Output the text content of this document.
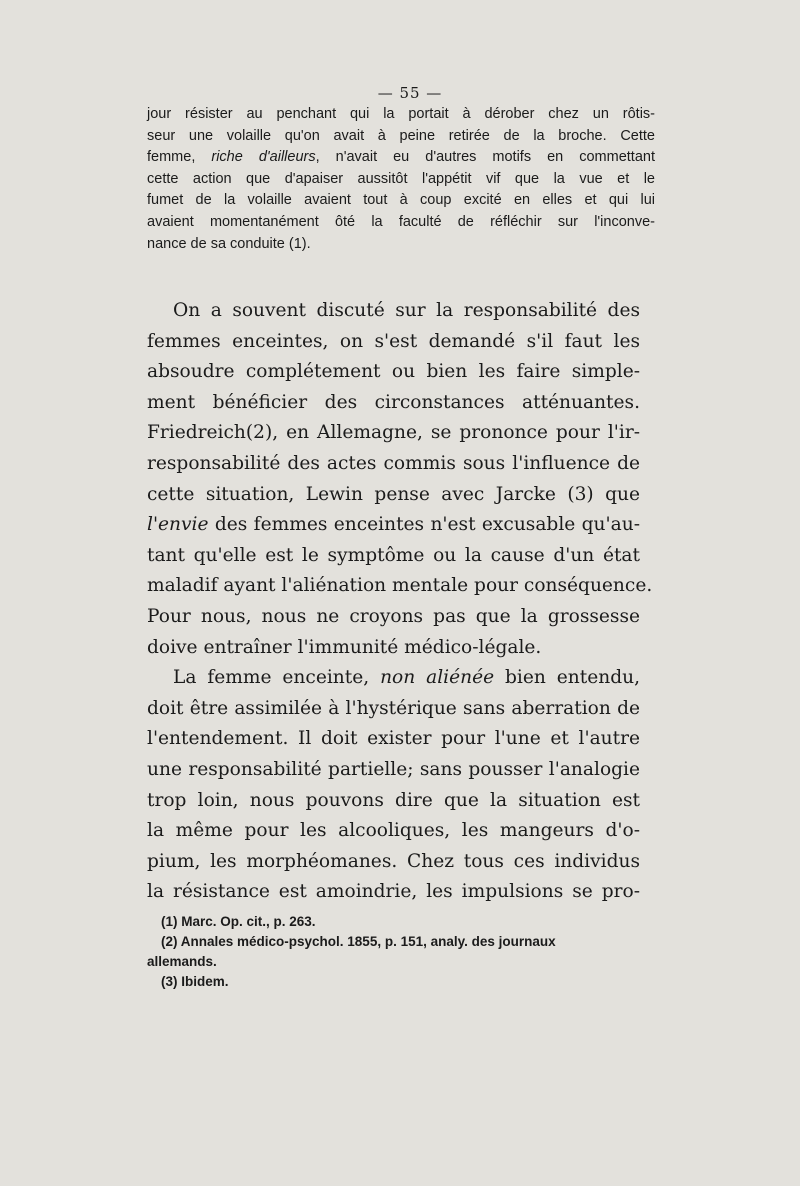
— 55 —
jour résister au penchant qui la portait à dérober chez un rôtis-
seur une volaille qu'on avait à peine retirée de la broche. Cette
femme, riche d'ailleurs, n'avait eu d'autres motifs en commettant
cette action que d'apaiser aussitôt l'appétit vif que la vue et le
fumet de la volaille avaient tout à coup excité en elles et qui lui
avaient momentanément ôté la faculté de réfléchir sur l'inconve-
nance de sa conduite (1).
On a souvent discuté sur la responsabilité des
femmes enceintes, on s'est demandé s'il faut les
absoudre complétement ou bien les faire simple-
ment bénéficier des circonstances atténuantes.
Friedreich(2), en Allemagne, se prononce pour l'ir-
responsabilité des actes commis sous l'influence de
cette situation, Lewin pense avec Jarcke (3) que
l'envie des femmes enceintes n'est excusable qu'au-
tant qu'elle est le symptôme ou la cause d'un état
maladif ayant l'aliénation mentale pour conséquence.
Pour nous, nous ne croyons pas que la grossesse
doive entraîner l'immunité médico-légale.
La femme enceinte, non aliénée bien entendu,
doit être assimilée à l'hystérique sans aberration de
l'entendement. Il doit exister pour l'une et l'autre
une responsabilité partielle; sans pousser l'analogie
trop loin, nous pouvons dire que la situation est
la même pour les alcooliques, les mangeurs d'o-
pium, les morphéomanes. Chez tous ces individus
la résistance est amoindrie, les impulsions se pro-
(1) Marc. Op. cit., p. 263.
(2) Annales médico-psychol. 1855, p. 151, analy. des journaux
allemands.
(3) Ibidem.
